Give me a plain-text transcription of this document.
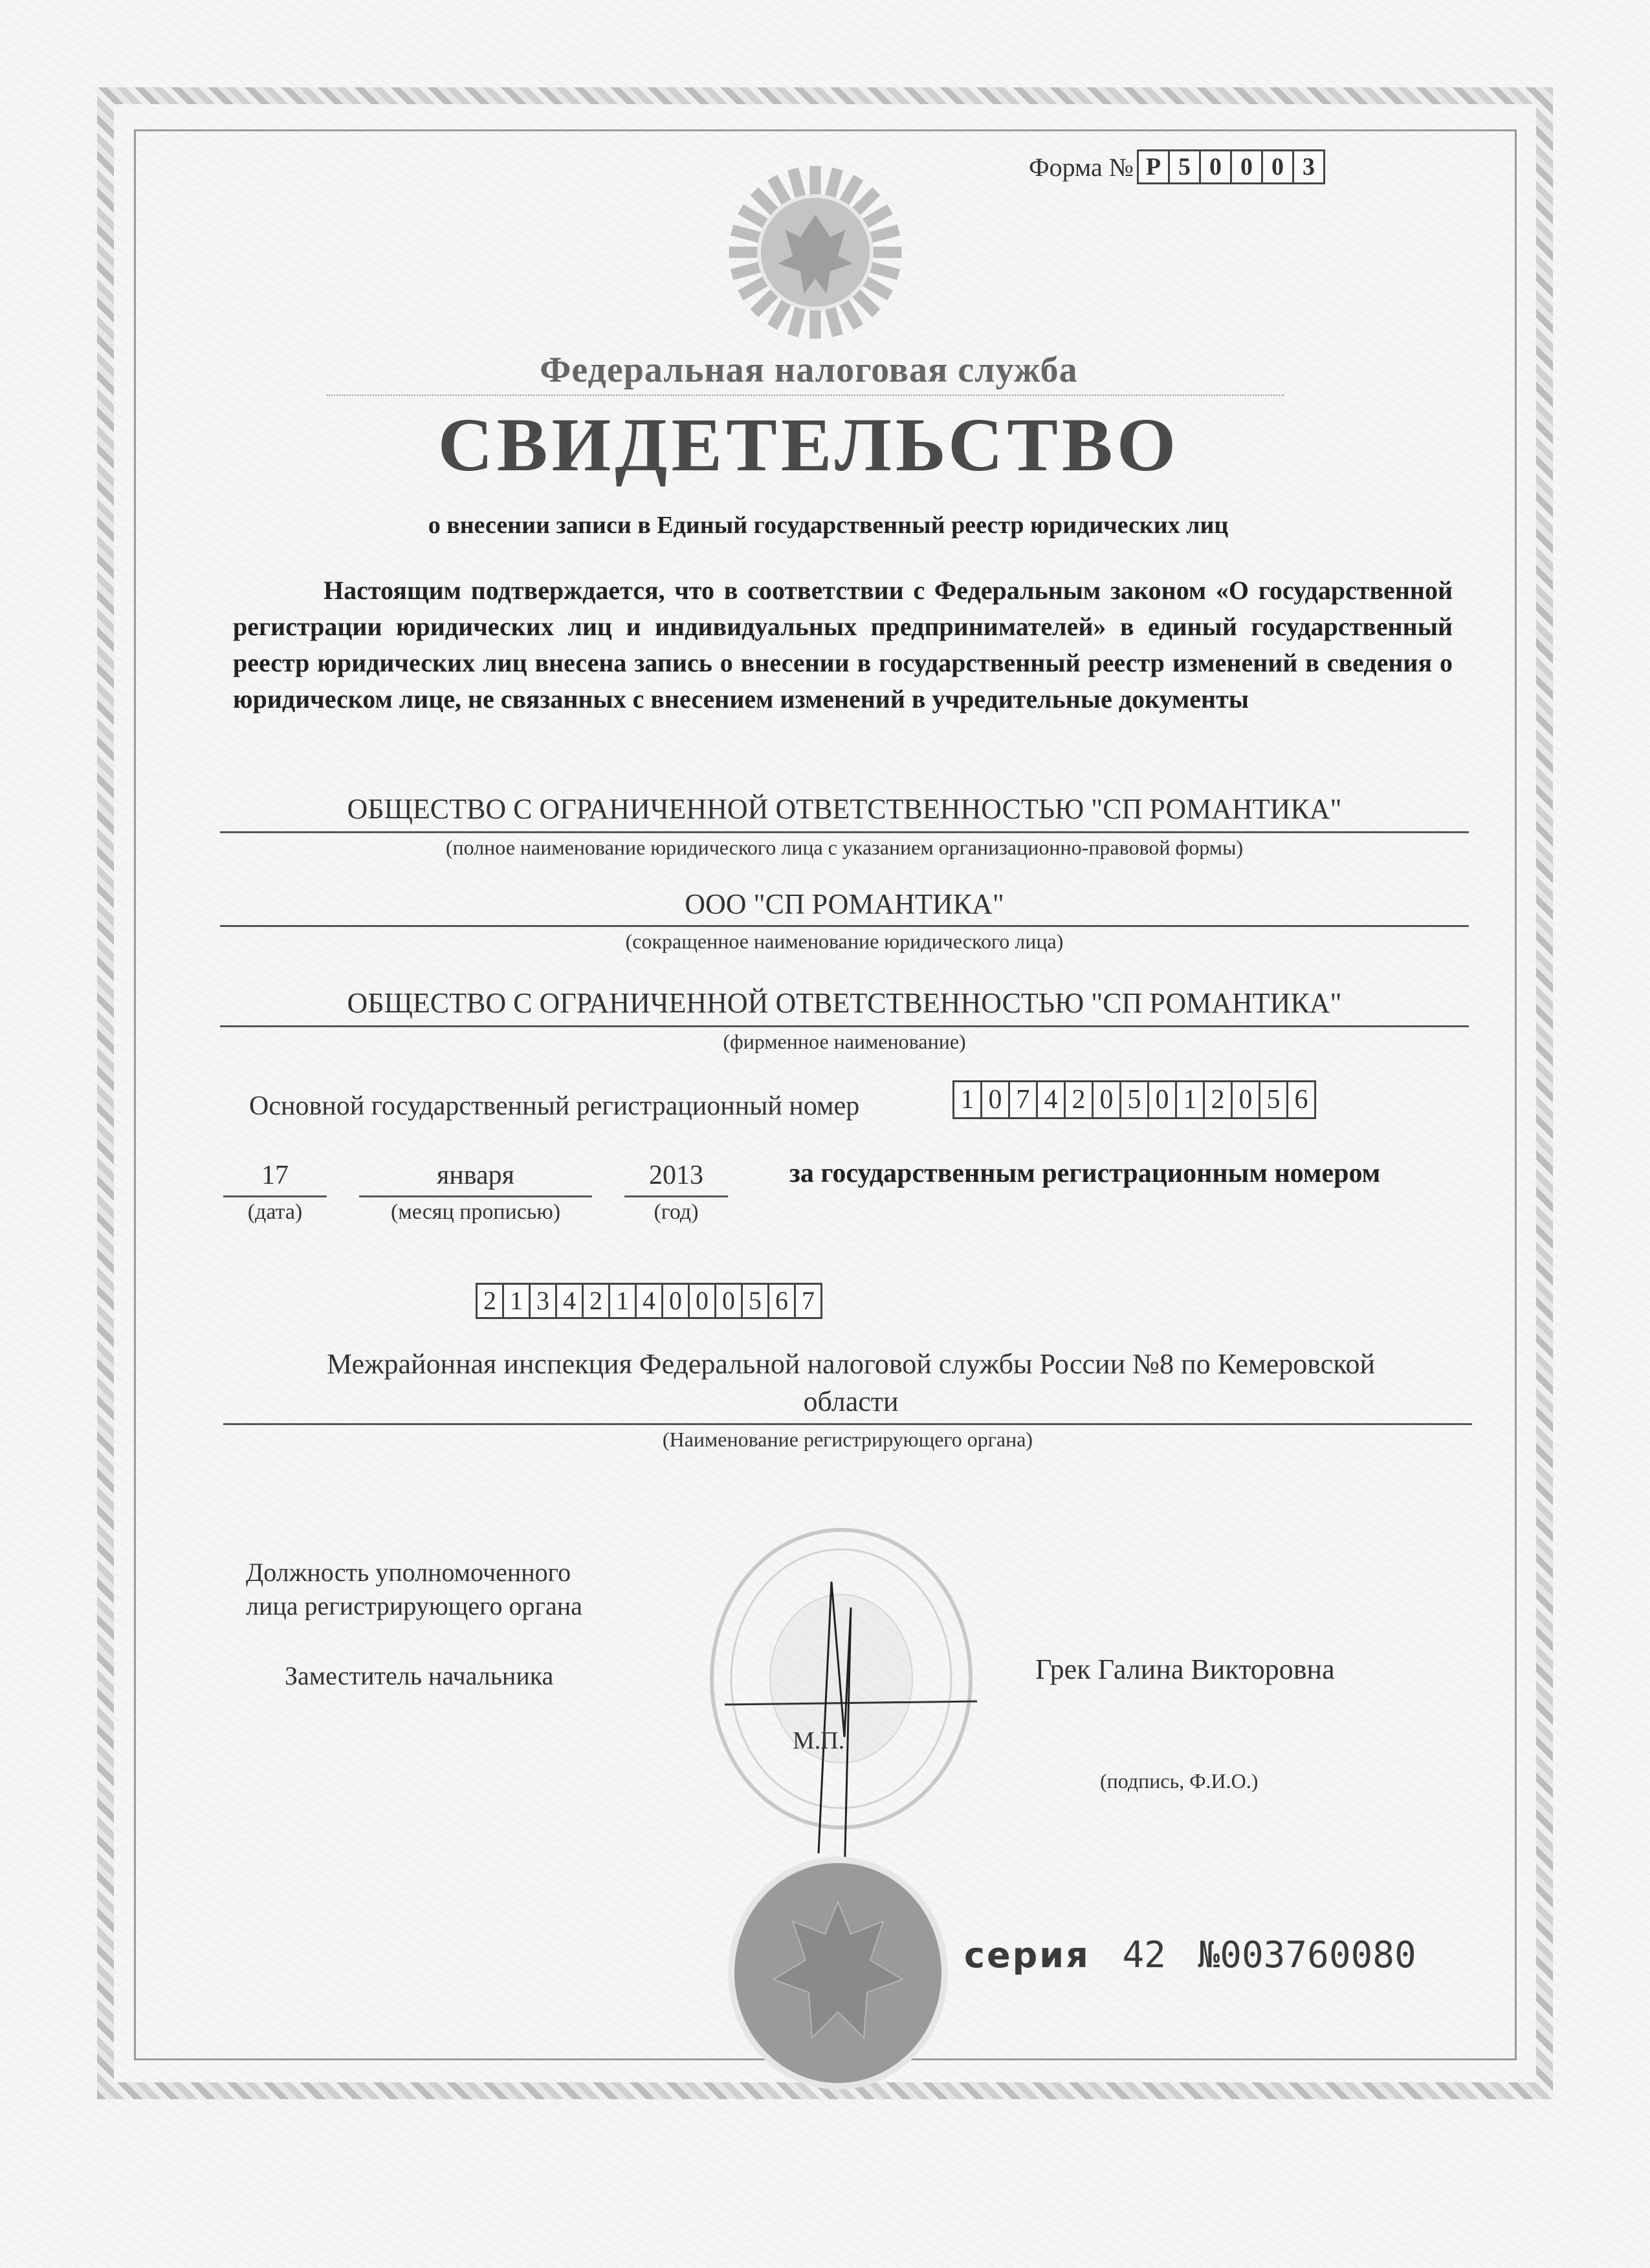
Форма № Р 5 0 0 0 3
Федеральная налоговая служба
СВИДЕТЕЛЬСТВО
о внесении записи в Единый государственный реестр юридических лиц
Настоящим подтверждается, что в соответствии с Федеральным законом «О государственной регистрации юридических лиц и индивидуальных предпринимателей» в единый государственный реестр юридических лиц внесена запись о внесении в государственный реестр изменений в сведения о юридическом лице, не связанных с внесением изменений в учредительные документы
ОБЩЕСТВО С ОГРАНИЧЕННОЙ ОТВЕТСТВЕННОСТЬЮ "СП РОМАНТИКА"
(полное наименование юридического лица с указанием организационно-правовой формы)
ООО "СП РОМАНТИКА"
(сокращенное наименование юридического лица)
ОБЩЕСТВО С ОГРАНИЧЕННОЙ ОТВЕТСТВЕННОСТЬЮ "СП РОМАНТИКА"
(фирменное наименование)
Основной государственный регистрационный номер	1 0 7 4 2 0 5 0 1 2 0 5 6
17
(дата)
января
(месяц прописью)
2013
(год)
за государственным регистрационным номером
2 1 3 4 2 1 4 0 0 0 5 6 7
Межрайонная инспекция Федеральной налоговой службы России №8 по Кемеровской
области
(Наименование регистрирующего органа)
Должность уполномоченного
лица регистрирующего органа
Заместитель начальника
М.П.
Грек Галина Викторовна
(подпись, Ф.И.О.)
серия 42 №003760080
